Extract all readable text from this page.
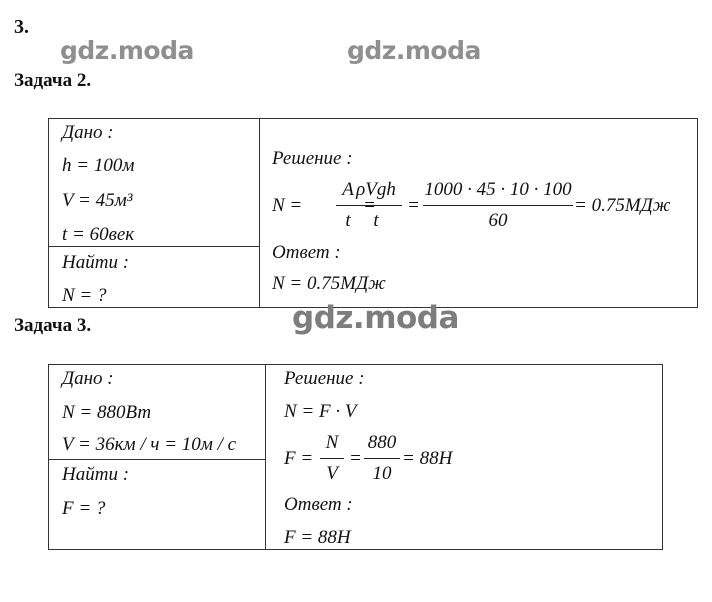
3.
gdz.moda	gdz.moda
Задача 2.
Дано :
h = 100м
V = 45м³
t = 60век
Найти :
N = ?
Решение :
N =
A
t
=
ρVgh
t
=
1000 · 45 · 10 · 100
60
= 0.75МДж
Ответ :
N = 0.75МДж
gdz.moda
Задача 3.
Дано :
N = 880Вт
V = 36км / ч = 10м / с
Найти :
F = ?
Решение :
N = F · V
F =
N
V
=
880
10
= 88H
Ответ :
F = 88H
